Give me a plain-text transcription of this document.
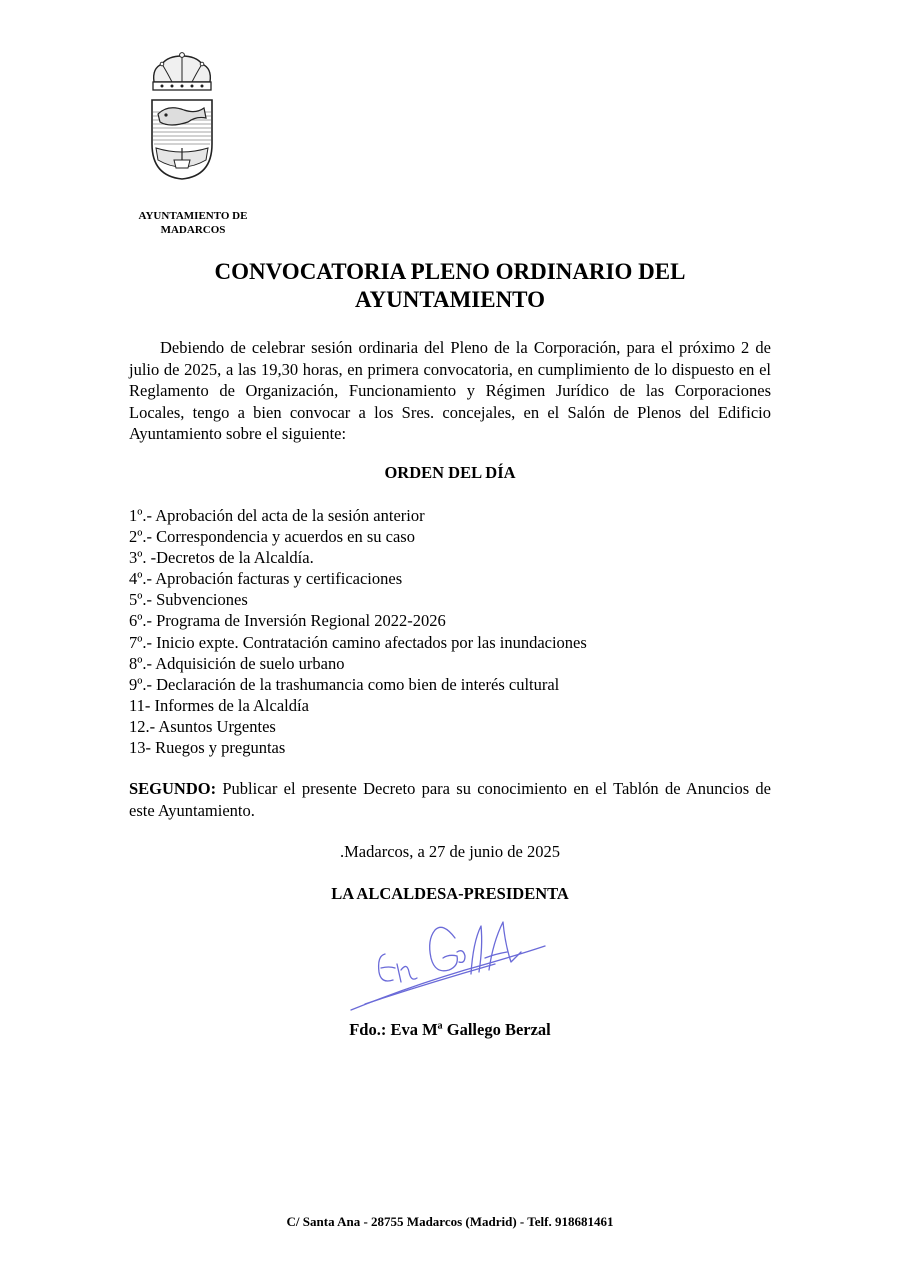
AYUNTAMIENTO DE
MADARCOS
CONVOCATORIA PLENO ORDINARIO DEL
AYUNTAMIENTO

Debiendo de celebrar sesión ordinaria del Pleno de la Corporación, para el próximo 2 de julio de 2025, a las 19,30 horas, en primera convocatoria, en cumplimiento de lo dispuesto en el Reglamento de Organización, Funcionamiento y Régimen Jurídico de las Corporaciones Locales, tengo a bien convocar a los Sres. concejales, en el Salón de Plenos del Edificio Ayuntamiento sobre el siguiente:

ORDEN DEL DÍA
1º.- Aprobación del acta de la sesión anterior
2º.- Correspondencia y acuerdos en su caso
3º. -Decretos de la Alcaldía.
4º.- Aprobación facturas y certificaciones
5º.- Subvenciones
6º.- Programa de Inversión Regional 2022-2026
7º.- Inicio expte. Contratación camino afectados por las inundaciones
8º.- Adquisición de suelo urbano
9º.- Declaración de la trashumancia como bien de interés cultural
11- Informes de la Alcaldía
12.- Asuntos Urgentes
13- Ruegos y preguntas

SEGUNDO: Publicar el presente Decreto para su conocimiento en el Tablón de Anuncios de este Ayuntamiento.

.Madarcos, a 27 de junio de 2025

LA ALCALDESA-PRESIDENTA

Fdo.: Eva Mª Gallego Berzal

C/ Santa Ana - 28755 Madarcos (Madrid) - Telf. 918681461
